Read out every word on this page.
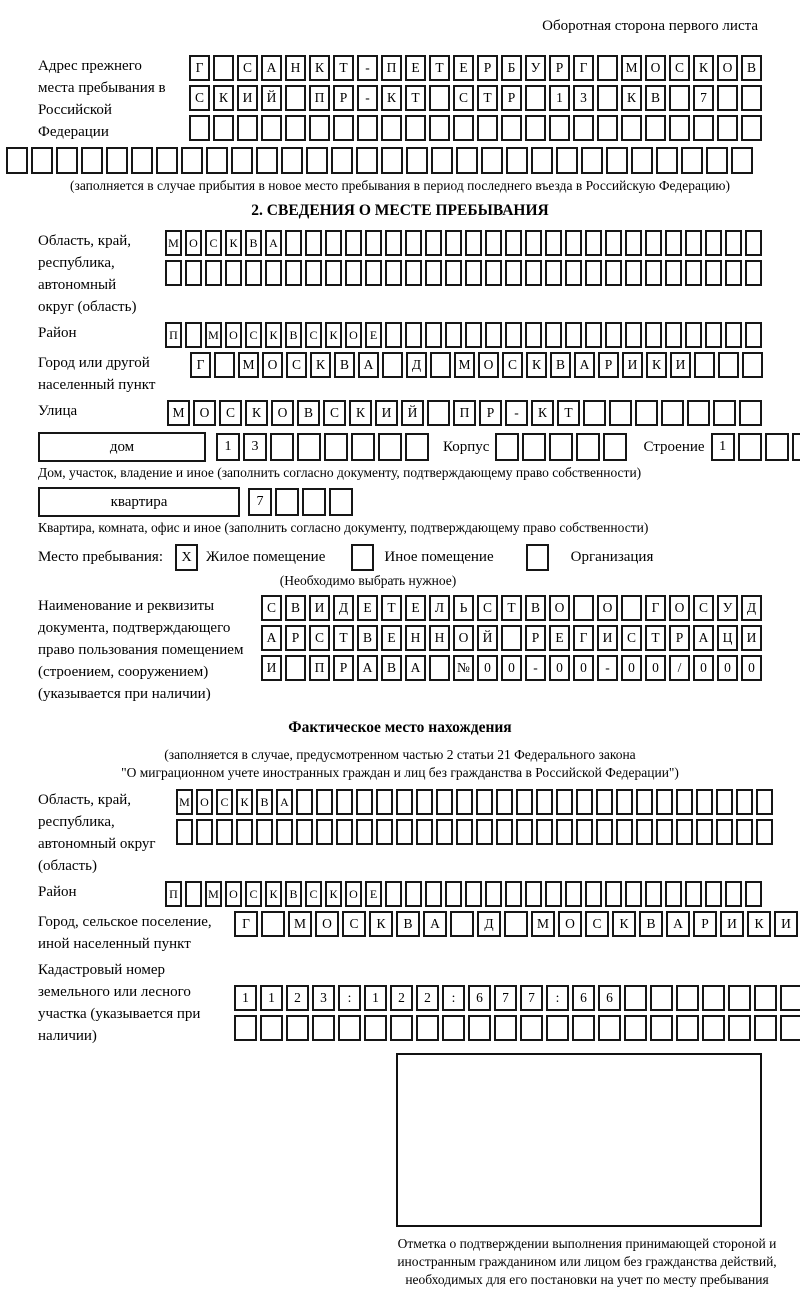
Оборотная сторона первого листа
Адрес прежнего места пребывания в Российской Федерации
Г	С	А	Н	К	Т	-	П	Е	Т	Е	Р	Б	У	Р	Г	М О	С	К	О	В
С	К	И	Й	П	Р	-	К	Т	С	Т	Р	1	3	К	В	7
(заполняется в случае прибытия в новое место пребывания в период последнего въезда в Российскую Федерацию)
2. СВЕДЕНИЯ О МЕСТЕ ПРЕБЫВАНИЯ
Область, край, республика, автономный округ (область)
М О С К В А
Район	П	М О С К В С К О	Е
Город или другой населенный пункт
Г	М О	С	К	В	А	Д	М О	С	К	В	А	Р	И	К	И
Улица	М	О	С	К	О	В	С	К	И	Й	П	Р	-	К	Т
дом	1	3	Корпус	Строение	1
Дом, участок, владение и иное (заполнить согласно документу, подтверждающему право собственности)
квартира	7
Квартира, комната, офис и иное (заполнить согласно документу, подтверждающему право собственности)
Место пребывания:	X Жилое помещение	Иное помещение	Организация
(Необходимо выбрать нужное)
Наименование и реквизиты документа, подтверждающего право пользования помещением (строением, сооружением) (указывается при наличии)
С	В	И	Д	Е	Т	Е	Л	Ь	С	Т	В	О	О	Г	О	С	У	Д
А	Р	С	Т	В	Е	Н	Н	О	Й	Р	Е	Г	И	С	Т	Р	А	Ц	И
И	П	Р	А	В	А	№	0	0	-	0	0	-	0	0	/	0	0	0
Фактическое место нахождения
(заполняется в случае, предусмотренном частью 2 статьи 21 Федерального закона
"О миграционном учете иностранных граждан и лиц без гражданства в Российской Федерации")
Область, край, республика, автономный округ (область)
М О С К В А
Район	П	М О С К В С К О	Е
Город, сельское поселение, иной населенный пункт
Г	М	О	С	К	В	А	Д	М	О	С	К	В	А	Р	И	К	И
Кадастровый номер земельного или лесного участка (указывается при наличии)
1	1	2	3	:	1	2	2	:	6	7	7	:	6	6
Отметка о подтверждении выполнения принимающей стороной и иностранным гражданином или лицом без гражданства действий, необходимых для его постановки на учет по месту пребывания
